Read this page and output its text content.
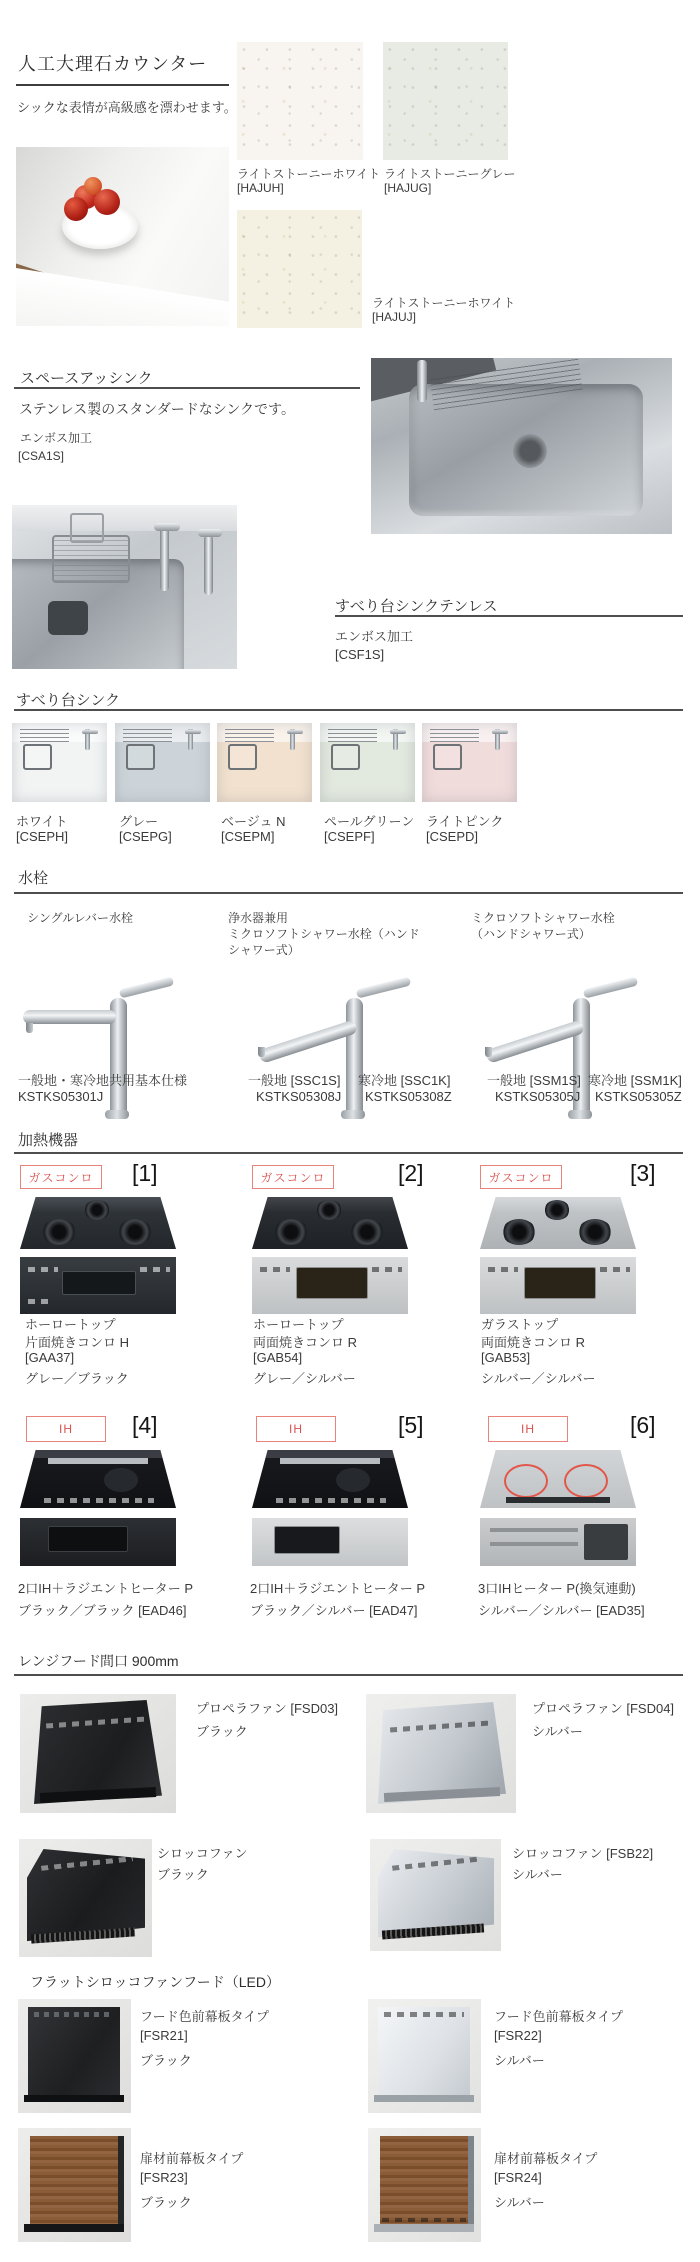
人工大理石カウンター
シックな表情が高級感を漂わせます。
ライトストーニーホワイト
[HAJUH]
ライトストーニーグレー
[HAJUG]
ライトストーニーホワイト
[HAJUJ]
スペースアッシンク
ステンレス製のスタンダードなシンクです。
エンボス加工
[CSA1S]
すべり台シンクテンレス
エンボス加工
[CSF1S]
すべり台シンク
ホワイト
[CSEPH]
グレー
[CSEPG]
ベージュ N
[CSEPM]
ペールグリーン
[CSEPF]
ライトピンク
[CSEPD]
水栓
シングルレバー水栓	浄水器兼用
ミクロソフトシャワー水栓（ハンド
シャワー式）
ミクロソフトシャワー水栓
（ハンドシャワー式）
一般地・寒冷地共用基本仕様
KSTKS05301J
一般地 [SSC1S]
KSTKS05308J
寒冷地 [SSC1K]
KSTKS05308Z
一般地 [SSM1S]
KSTKS05305J
寒冷地 [SSM1K]
KSTKS05305Z
加熱機器
ガスコンロ	[1]	ガスコンロ	[2]	ガスコンロ	[3]
ホーロートップ
片面焼きコンロ H
[GAA37]
グレー／ブラック
ホーロートップ
両面焼きコンロ R
[GAB54]
グレー／シルバー
ガラストップ
両面焼きコンロ R
[GAB53]
シルバー／シルバー
IH	[4]	IH	[5]	IH	[6]
2口IH＋ラジエントヒーター P
ブラック／ブラック [EAD46]
2口IH＋ラジエントヒーター P
ブラック／シルバー [EAD47]
3口IHヒーター P(換気連動)
シルバー／シルバー [EAD35]
レンジフード 間口 900mm
プロペラファン [FSD03]
ブラック
プロペラファン [FSD04]
シルバー
シロッコファン
ブラック
シロッコファン [FSB22]
シルバー
フラットシロッコファンフード（LED）
フード色前幕板タイプ
[FSR21]
ブラック
フード色前幕板タイプ
[FSR22]
シルバー
扉材前幕板タイプ
[FSR23]
ブラック
扉材前幕板タイプ
[FSR24]
シルバー
